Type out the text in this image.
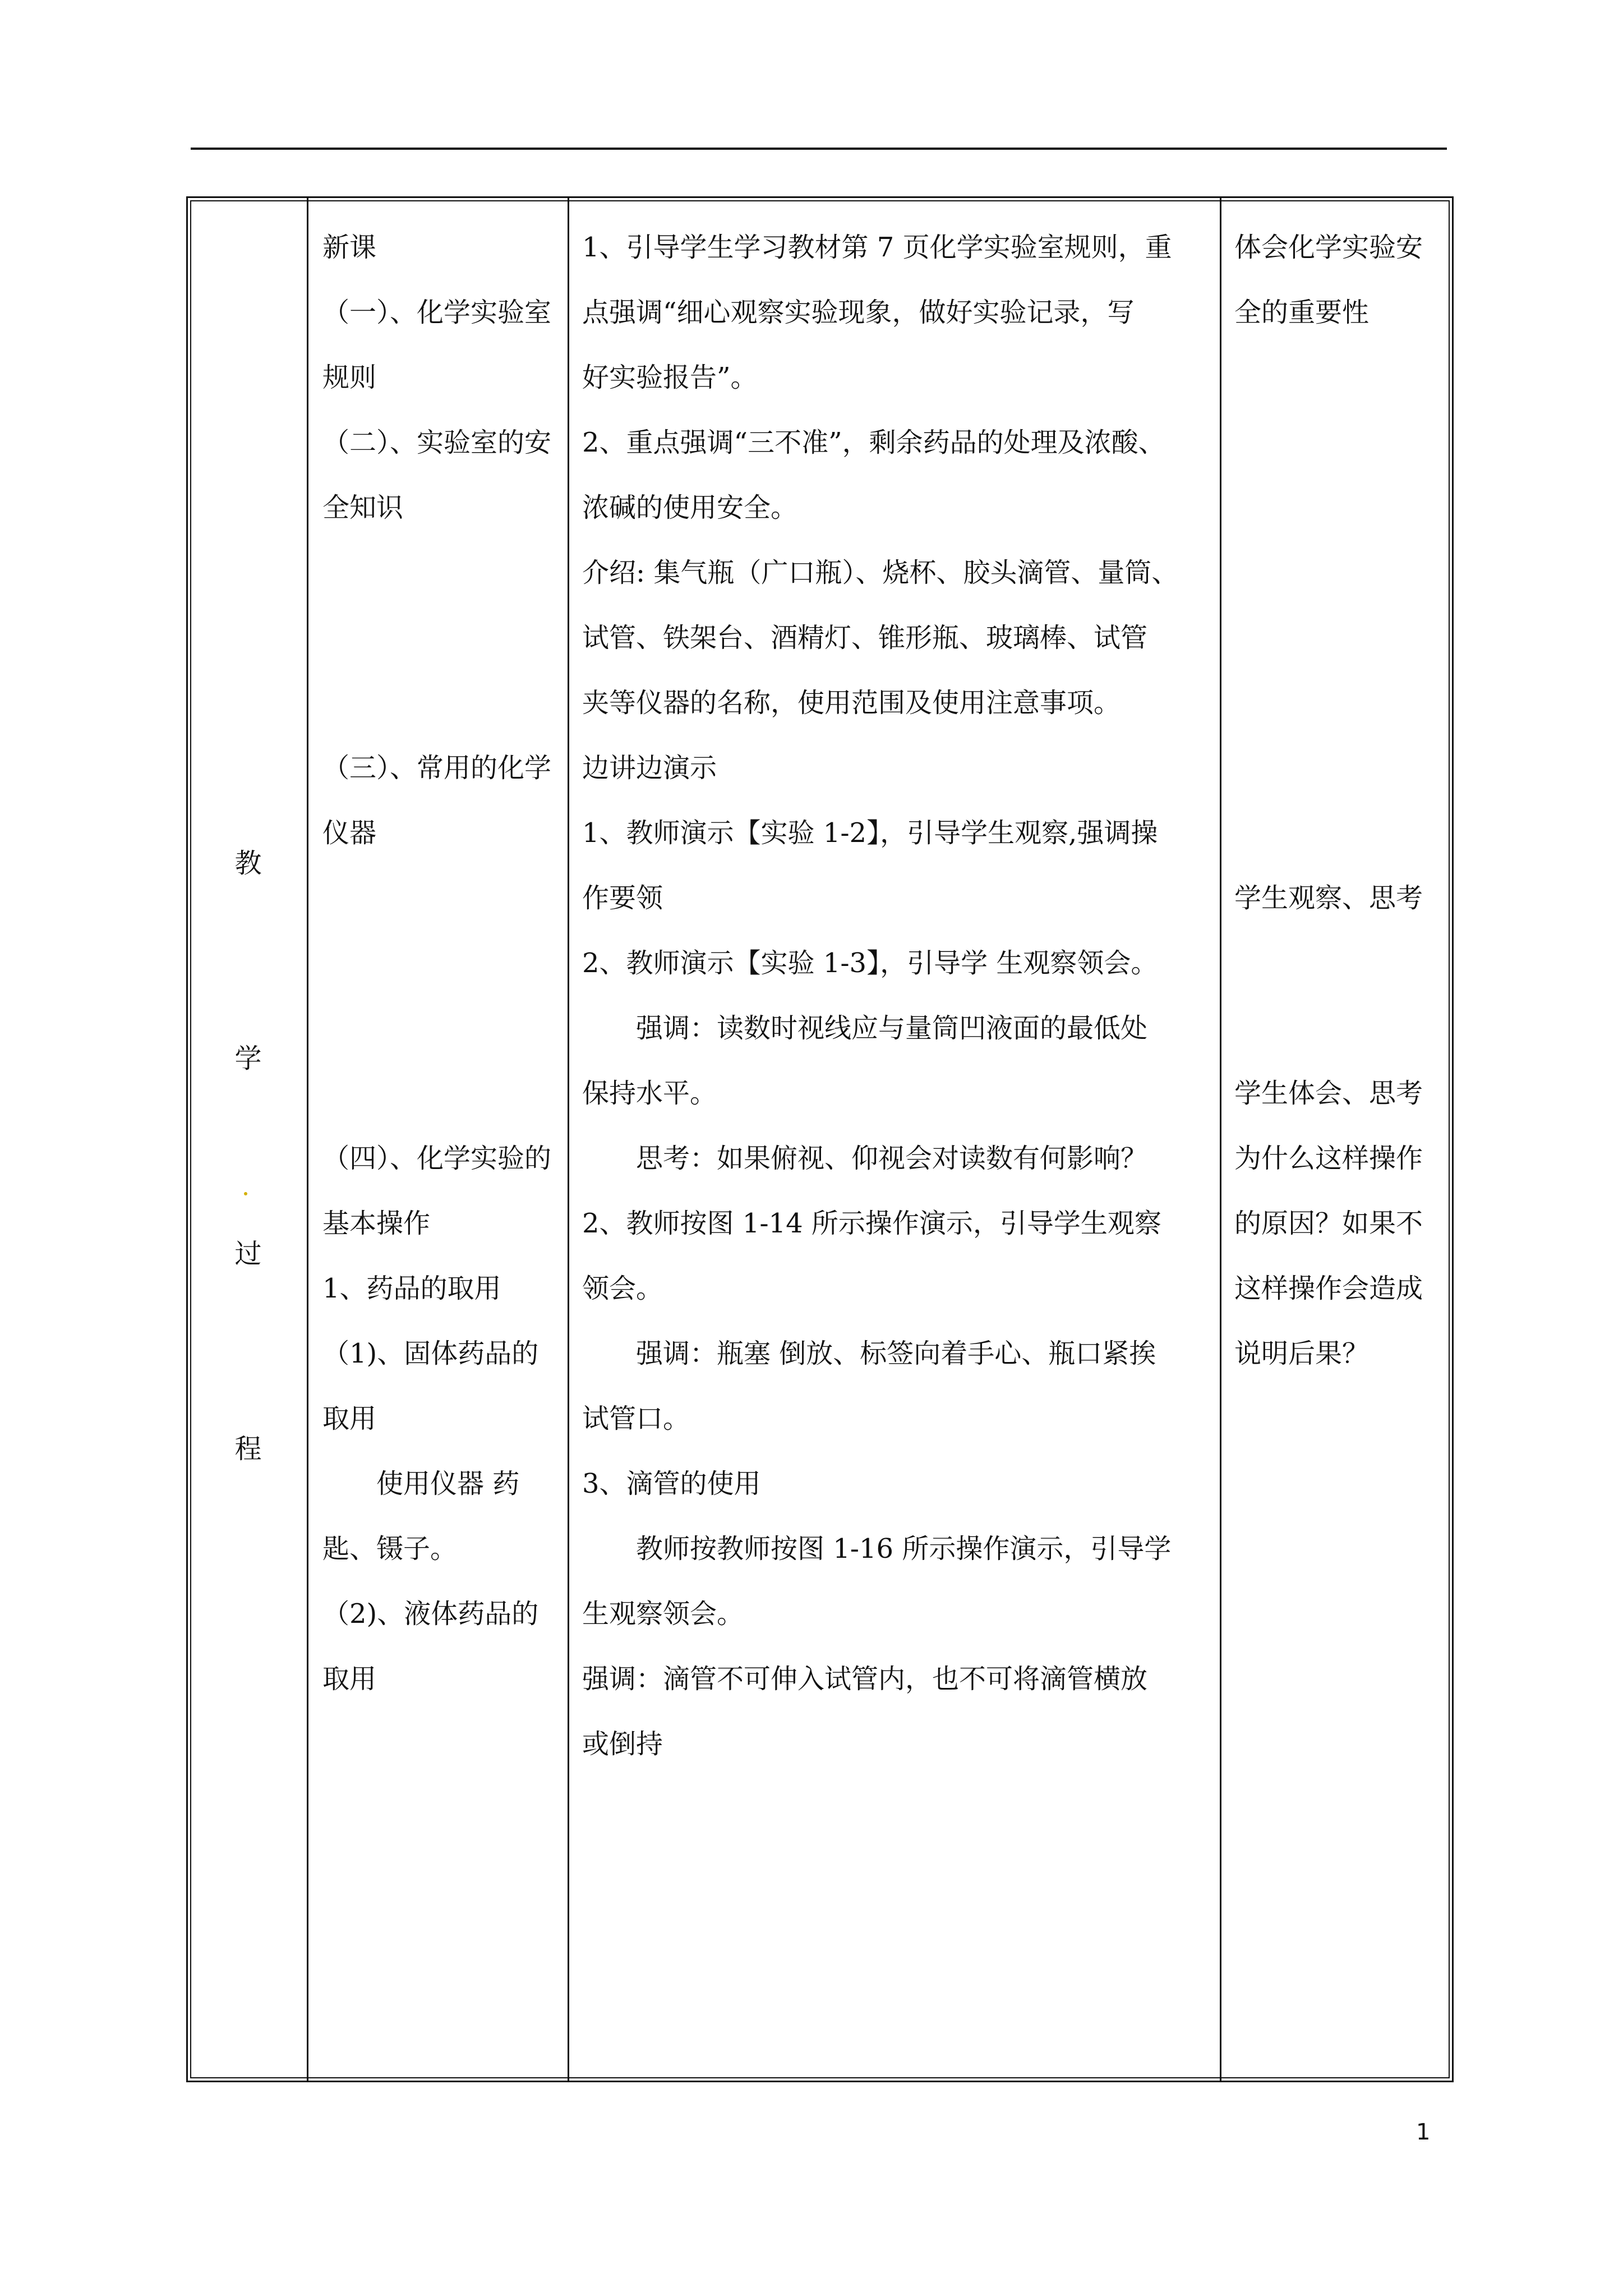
教
学
过
程

新课

（一）、化学实验室

规则

（二）、实验室的安

全知识

（三）、常用的化学

仪器

（四）、化学实验的

基本操作

1、药品的取用

（1)、固体药品的

取用

　　使用仪器 药

匙、镊子。

（2)、液体药品的

取用

1、引导学生学习教材第 7 页化学实验室规则，重

点强调“细心观察实验现象，做好实验记录，写

好实验报告”。

2、重点强调“三不准”，剩余药品的处理及浓酸、

浓碱的使用安全。

介绍: 集气瓶（广口瓶）、烧杯、胶头滴管、量筒、

试管、铁架台、酒精灯、锥形瓶、玻璃棒、试管

夹等仪器的名称，使用范围及使用注意事项。

边讲边演示

1、教师演示【实验 1-2】，引导学生观察,强调操

作要领

2、教师演示【实验 1-3】，引导学 生观察领会。

　　强调：读数时视线应与量筒凹液面的最低处

保持水平。

　　思考：如果俯视、仰视会对读数有何影响？

2、教师按图 1-14 所示操作演示，引导学生观察

领会。

　　强调：瓶塞 倒放、标签向着手心、瓶口紧挨

试管口。

3、滴管的使用

　　教师按教师按图 1-16 所示操作演示，引导学

生观察领会。

强调：滴管不可伸入试管内，也不可将滴管横放

或倒持

体会化学实验安

全的重要性

学生观察、思考

学生体会、思考

为什么这样操作

的原因？如果不

这样操作会造成

说明后果？

1
